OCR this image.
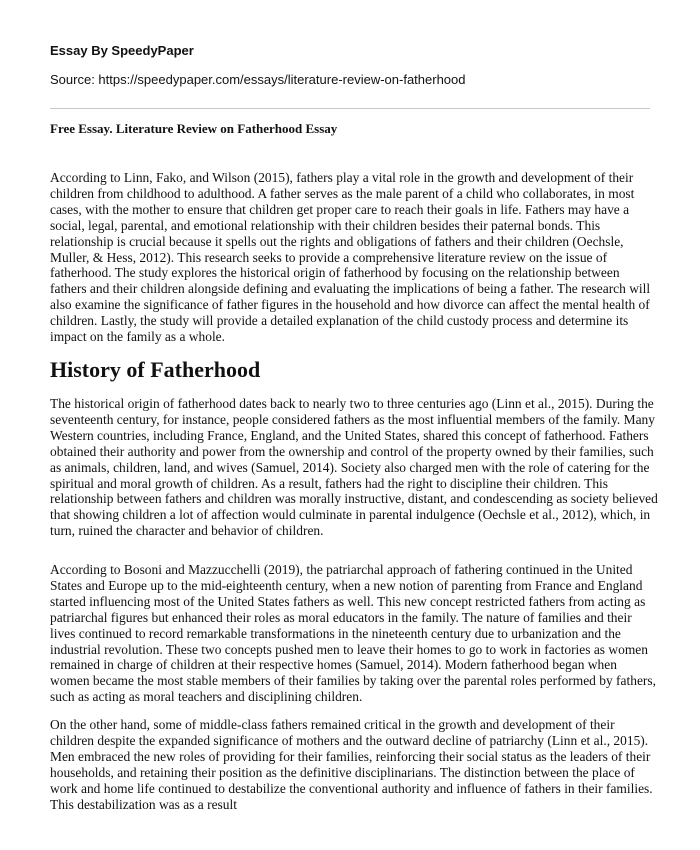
Essay By SpeedyPaper

Source: https://speedypaper.com/essays/literature-review-on-fatherhood

Free Essay. Literature Review on Fatherhood Essay

According to Linn, Fako, and Wilson (2015), fathers play a vital role in the growth and development of their children from childhood to adulthood. A father serves as the male parent of a child who collaborates, in most cases, with the mother to ensure that children get proper care to reach their goals in life. Fathers may have a social, legal, parental, and emotional relationship with their children besides their paternal bonds. This relationship is crucial because it spells out the rights and obligations of fathers and their children (Oechsle, Muller, & Hess, 2012). This research seeks to provide a comprehensive literature review on the issue of fatherhood. The study explores the historical origin of fatherhood by focusing on the relationship between fathers and their children alongside defining and evaluating the implications of being a father. The research will also examine the significance of father figures in the household and how divorce can affect the mental health of children. Lastly, the study will provide a detailed explanation of the child custody process and determine its impact on the family as a whole.

History of Fatherhood

The historical origin of fatherhood dates back to nearly two to three centuries ago (Linn et al., 2015). During the seventeenth century, for instance, people considered fathers as the most influential members of the family. Many Western countries, including France, England, and the United States, shared this concept of fatherhood. Fathers obtained their authority and power from the ownership and control of the property owned by their families, such as animals, children, land, and wives (Samuel, 2014). Society also charged men with the role of catering for the spiritual and moral growth of children. As a result, fathers had the right to discipline their children. This relationship between fathers and children was morally instructive, distant, and condescending as society believed that showing children a lot of affection would culminate in parental indulgence (Oechsle et al., 2012), which, in turn, ruined the character and behavior of children.

According to Bosoni and Mazzucchelli (2019), the patriarchal approach of fathering continued in the United States and Europe up to the mid-eighteenth century, when a new notion of parenting from France and England started influencing most of the United States fathers as well. This new concept restricted fathers from acting as patriarchal figures but enhanced their roles as moral educators in the family. The nature of families and their lives continued to record remarkable transformations in the nineteenth century due to urbanization and the industrial revolution. These two concepts pushed men to leave their homes to go to work in factories as women remained in charge of children at their respective homes (Samuel, 2014). Modern fatherhood began when women became the most stable members of their families by taking over the parental roles performed by fathers, such as acting as moral teachers and disciplining children.

On the other hand, some of middle-class fathers remained critical in the growth and development of their children despite the expanded significance of mothers and the outward decline of patriarchy (Linn et al., 2015). Men embraced the new roles of providing for their families, reinforcing their social status as the leaders of their households, and retaining their position as the definitive disciplinarians. The distinction between the place of work and home life continued to destabilize the conventional authority and influence of fathers in their families. This destabilization was as a result
